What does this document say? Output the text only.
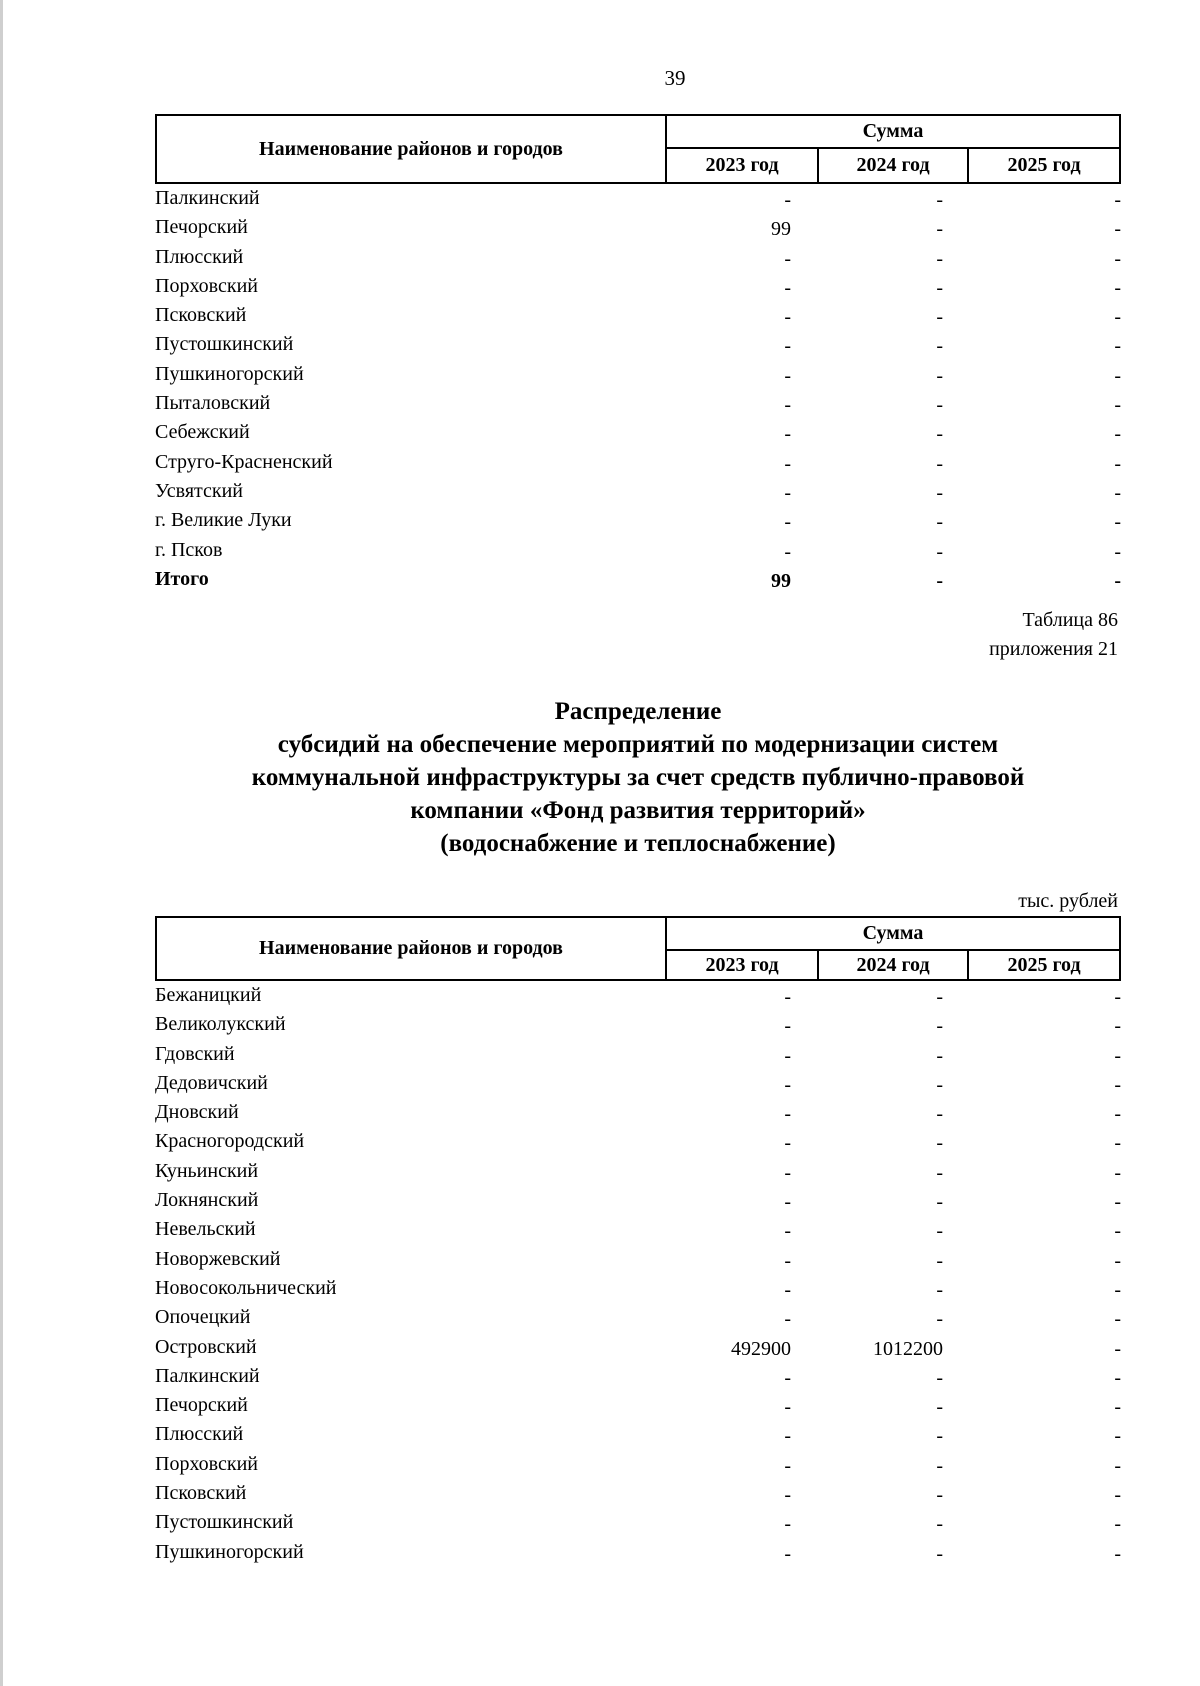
39
Наименование районов и городов
Сумма
2023 год	2024 год	2025 год
Палкинский	-	-	-
Печорский	99	-	-
Плюсский	-	-	-
Порховский	-	-	-
Псковский	-	-	-
Пустошкинский	-	-	-
Пушкиногорский	-	-	-
Пыталовский	-	-	-
Себежский	-	-	-
Струго-Красненский	-	-	-
Усвятский	-	-	-
г. Великие Луки	-	-	-
г. Псков	-	-	-
Итого	99	-	-
Таблица 86
приложения 21
Распределение
субсидий на обеспечение мероприятий по модернизации систем
коммунальной инфраструктуры за счет средств публично-правовой
компании «Фонд развития территорий»
(водоснабжение и теплоснабжение)
тыс. рублей
Наименование районов и городов
Сумма
2023 год	2024 год	2025 год
Бежаницкий	-	-	-
Великолукский	-	-	-
Гдовский	-	-	-
Дедовичский	-	-	-
Дновский	-	-	-
Красногородский	-	-	-
Куньинский	-	-	-
Локнянский	-	-	-
Невельский	-	-	-
Новоржевский	-	-	-
Новосокольнический	-	-	-
Опочецкий	-	-	-
Островский	492900	1012200	-
Палкинский	-	-	-
Печорский	-	-	-
Плюсский	-	-	-
Порховский	-	-	-
Псковский	-	-	-
Пустошкинский	-	-	-
Пушкиногорский	-	-	-
